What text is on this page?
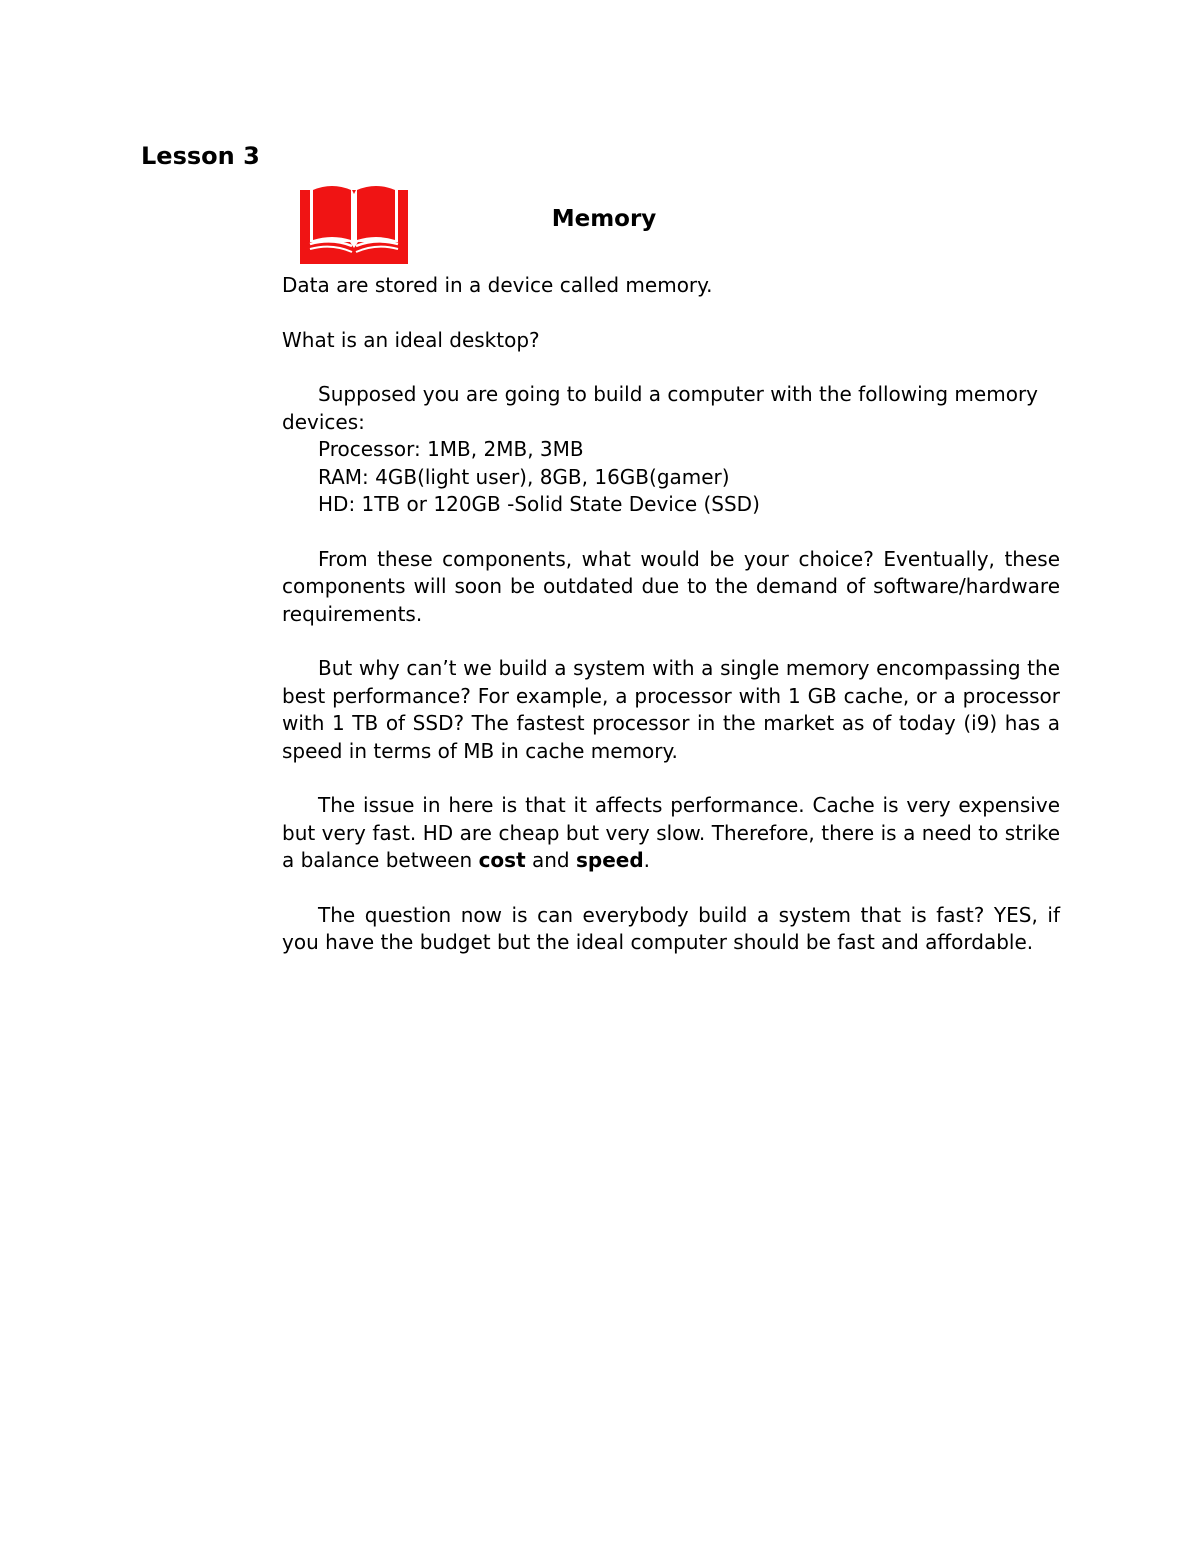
Lesson 3
Memory

Data are stored in a device called memory.

What is an ideal desktop?

Supposed you are going to build a computer with the following memory devices:

Processor: 1MB, 2MB, 3MB
RAM: 4GB(light user), 8GB, 16GB(gamer)
HD: 1TB or 120GB -Solid State Device (SSD)

From these components, what would be your choice? Eventually, these components will soon be outdated due to the demand of software/hardware requirements.

But why can’t we build a system with a single memory encompassing the best performance? For example, a processor with 1 GB cache, or a processor with 1 TB of SSD? The fastest processor in the market as of today (i9) has a speed in terms of MB in cache memory.

The issue in here is that it affects performance. Cache is very expensive but very fast. HD are cheap but very slow. Therefore, there is a need to strike a balance between cost and speed.

The question now is can everybody build a system that is fast? YES, if you have the budget but the ideal computer should be fast and affordable.
